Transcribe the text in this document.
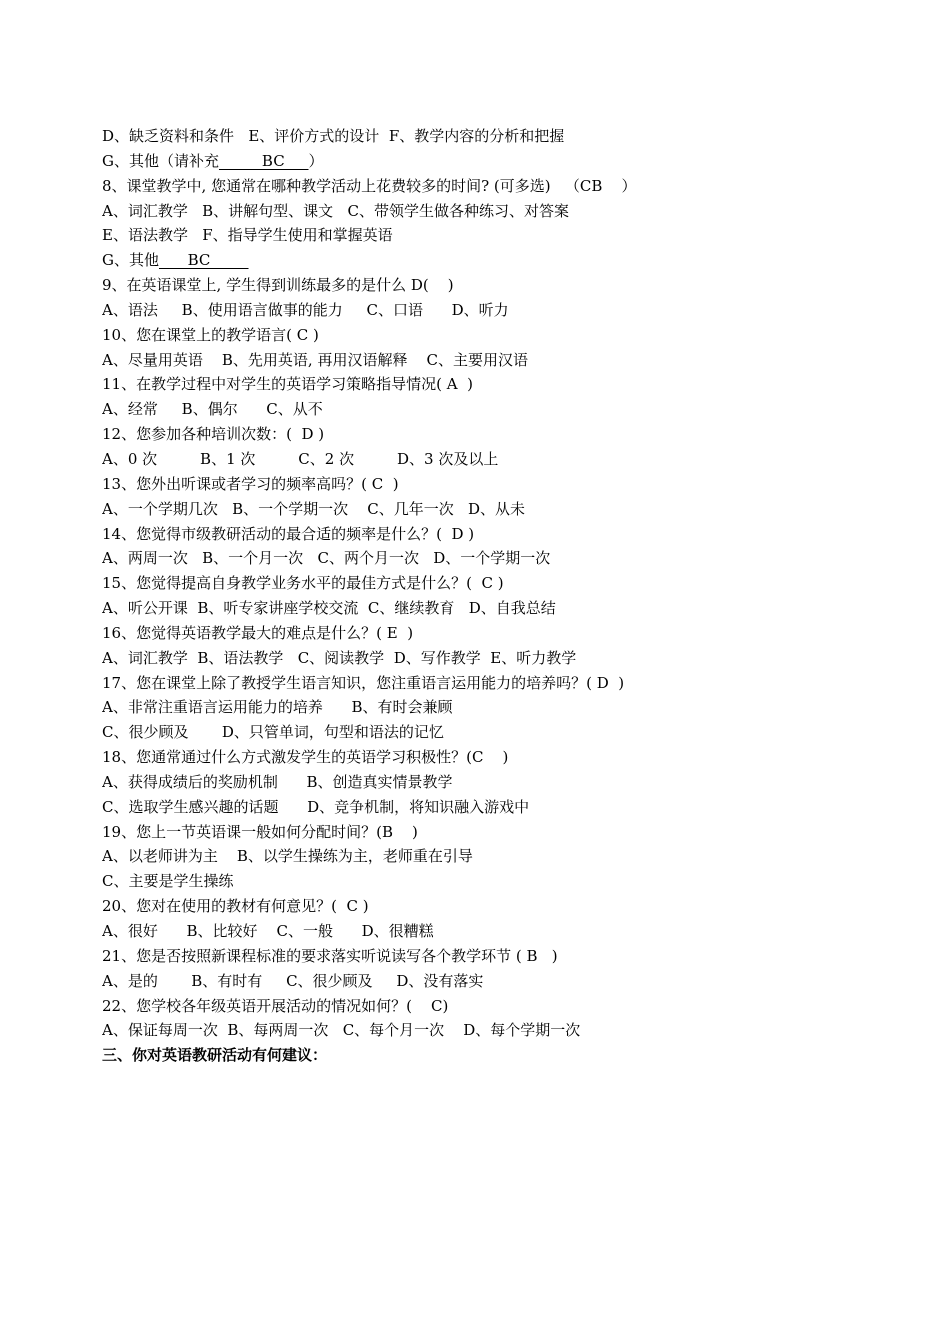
D、缺乏资料和条件   E、评价方式的设计  F、教学内容的分析和把握
G、其他（请补充         BC     ）
8、课堂教学中, 您通常在哪种教学活动上花费较多的时间? (可多选)   （CB    ）
A、词汇教学   B、讲解句型、课文   C、带领学生做各种练习、对答案
E、语法教学   F、指导学生使用和掌握英语
G、其他      BC
9、在英语课堂上, 学生得到训练最多的是什么 D(    )
A、语法     B、使用语言做事的能力     C、口语      D、听力
10、您在课堂上的教学语言( C )
A、尽量用英语    B、先用英语, 再用汉语解释    C、主要用汉语
11、在教学过程中对学生的英语学习策略指导情况( A  )
A、经常     B、偶尔      C、从不
12、您参加各种培训次数：(  D )
A、0 次         B、1 次         C、2 次         D、3 次及以上
13、您外出听课或者学习的频率高吗？( C  )
A、一个学期几次   B、一个学期一次    C、几年一次   D、从未
14、您觉得市级教研活动的最合适的频率是什么？(  D )
A、两周一次   B、一个月一次   C、两个月一次   D、一个学期一次
15、您觉得提高自身教学业务水平的最佳方式是什么？(  C )
A、听公开课  B、听专家讲座学校交流  C、继续教育   D、自我总结
16、您觉得英语教学最大的难点是什么？( E  )
A、词汇教学  B、语法教学   C、阅读教学  D、写作教学  E、听力教学
17、您在课堂上除了教授学生语言知识，您注重语言运用能力的培养吗？( D  )
A、非常注重语言运用能力的培养      B、有时会兼顾
C、很少顾及       D、只管单词，句型和语法的记忆
18、您通常通过什么方式激发学生的英语学习积极性？(C    )
A、获得成绩后的奖励机制      B、创造真实情景教学
C、选取学生感兴趣的话题      D、竞争机制，将知识融入游戏中
19、您上一节英语课一般如何分配时间？(B    )
A、以老师讲为主    B、以学生操练为主，老师重在引导
C、主要是学生操练
20、您对在使用的教材有何意见？(  C )
A、很好      B、比较好    C、一般      D、很糟糕
21、您是否按照新课程标准的要求落实听说读写各个教学环节 ( B   )
A、是的       B、有时有     C、很少顾及     D、没有落实
22、您学校各年级英语开展活动的情况如何？(    C)
A、保证每周一次  B、每两周一次   C、每个月一次    D、每个学期一次
三、你对英语教研活动有何建议：
